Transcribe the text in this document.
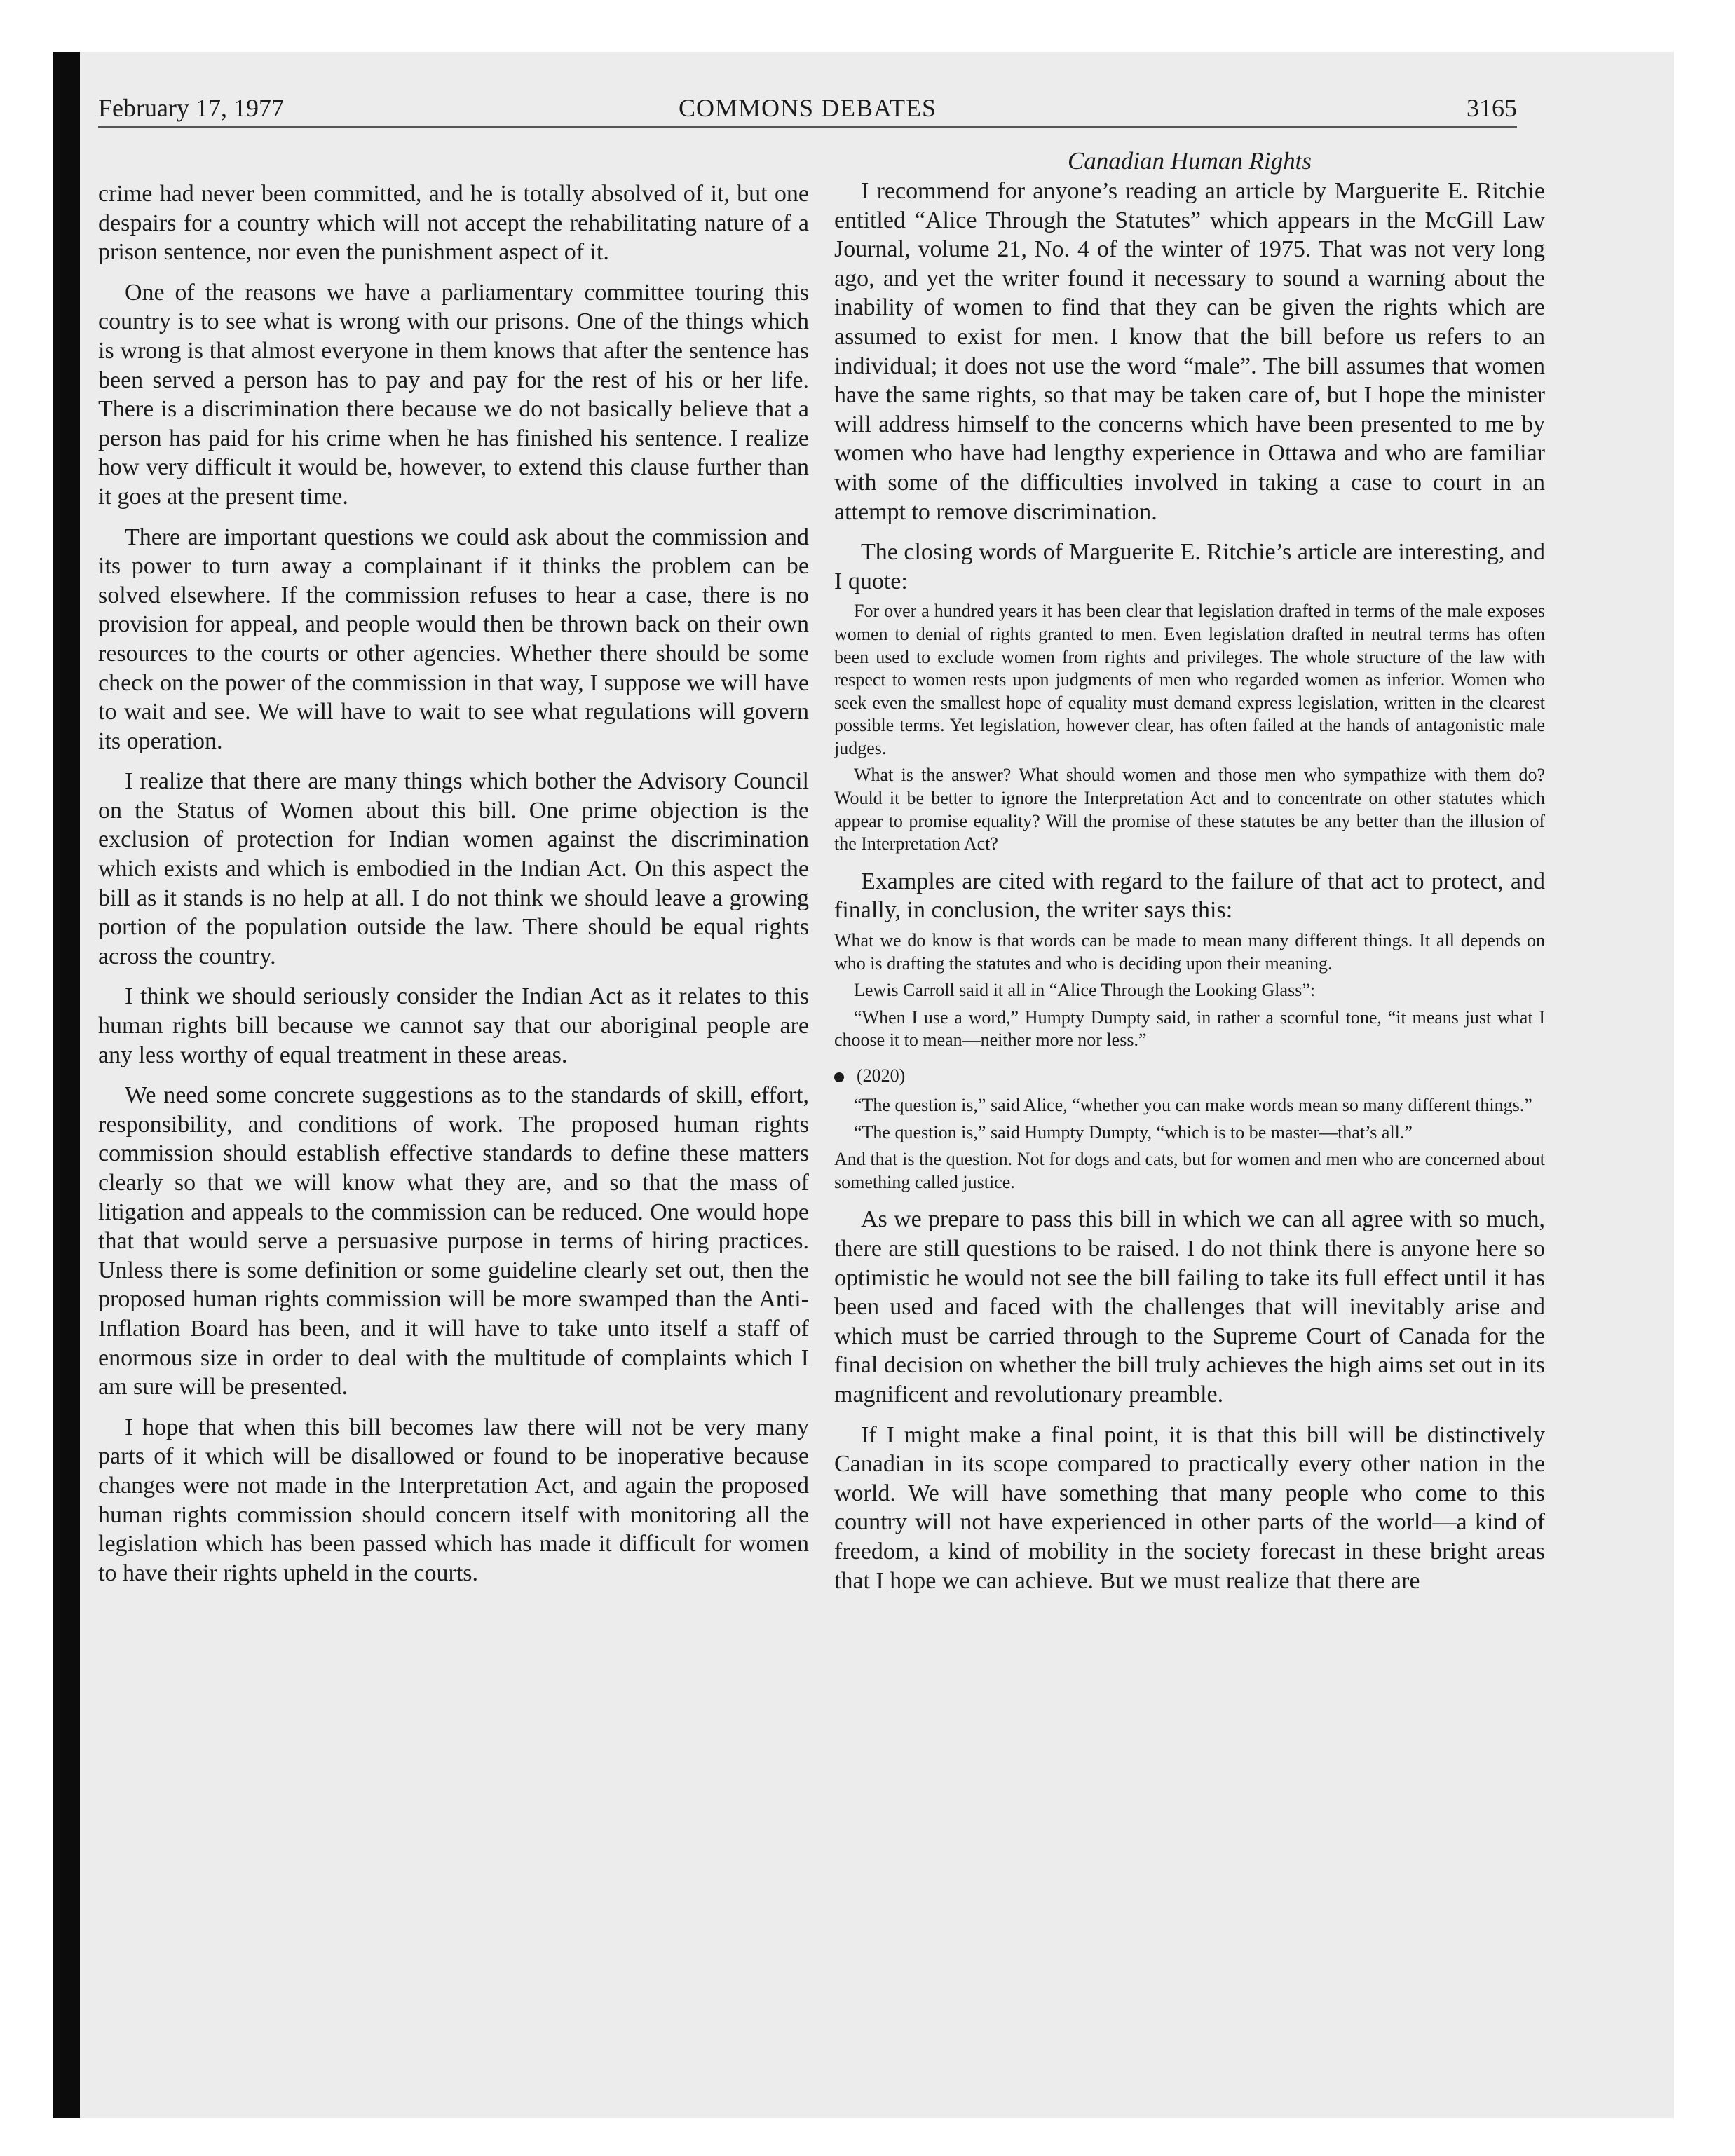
February 17, 1977	COMMONS DEBATES	3165

crime had never been committed, and he is totally absolved of it, but one despairs for a country which will not accept the rehabilitating nature of a prison sentence, nor even the punishment aspect of it.

One of the reasons we have a parliamentary committee touring this country is to see what is wrong with our prisons. One of the things which is wrong is that almost everyone in them knows that after the sentence has been served a person has to pay and pay for the rest of his or her life. There is a discrimination there because we do not basically believe that a person has paid for his crime when he has finished his sentence. I realize how very difficult it would be, however, to extend this clause further than it goes at the present time.

There are important questions we could ask about the commission and its power to turn away a complainant if it thinks the problem can be solved elsewhere. If the commission refuses to hear a case, there is no provision for appeal, and people would then be thrown back on their own resources to the courts or other agencies. Whether there should be some check on the power of the commission in that way, I suppose we will have to wait and see. We will have to wait to see what regulations will govern its operation.

I realize that there are many things which bother the Advisory Council on the Status of Women about this bill. One prime objection is the exclusion of protection for Indian women against the discrimination which exists and which is embodied in the Indian Act. On this aspect the bill as it stands is no help at all. I do not think we should leave a growing portion of the population outside the law. There should be equal rights across the country.

I think we should seriously consider the Indian Act as it relates to this human rights bill because we cannot say that our aboriginal people are any less worthy of equal treatment in these areas.

We need some concrete suggestions as to the standards of skill, effort, responsibility, and conditions of work. The proposed human rights commission should establish effective standards to define these matters clearly so that we will know what they are, and so that the mass of litigation and appeals to the commission can be reduced. One would hope that that would serve a persuasive purpose in terms of hiring practices. Unless there is some definition or some guideline clearly set out, then the proposed human rights commission will be more swamped than the Anti-Inflation Board has been, and it will have to take unto itself a staff of enormous size in order to deal with the multitude of complaints which I am sure will be presented.

I hope that when this bill becomes law there will not be very many parts of it which will be disallowed or found to be inoperative because changes were not made in the Interpretation Act, and again the proposed human rights commission should concern itself with monitoring all the legislation which has been passed which has made it difficult for women to have their rights upheld in the courts.

Canadian Human Rights

I recommend for anyone’s reading an article by Marguerite E. Ritchie entitled “Alice Through the Statutes” which appears in the McGill Law Journal, volume 21, No. 4 of the winter of 1975. That was not very long ago, and yet the writer found it necessary to sound a warning about the inability of women to find that they can be given the rights which are assumed to exist for men. I know that the bill before us refers to an individual; it does not use the word “male”. The bill assumes that women have the same rights, so that may be taken care of, but I hope the minister will address himself to the concerns which have been presented to me by women who have had lengthy experience in Ottawa and who are familiar with some of the difficulties involved in taking a case to court in an attempt to remove discrimination.

The closing words of Marguerite E. Ritchie’s article are interesting, and I quote:

For over a hundred years it has been clear that legislation drafted in terms of the male exposes women to denial of rights granted to men. Even legislation drafted in neutral terms has often been used to exclude women from rights and privileges. The whole structure of the law with respect to women rests upon judgments of men who regarded women as inferior. Women who seek even the smallest hope of equality must demand express legislation, written in the clearest possible terms. Yet legislation, however clear, has often failed at the hands of antagonistic male judges.

What is the answer? What should women and those men who sympathize with them do? Would it be better to ignore the Interpretation Act and to concentrate on other statutes which appear to promise equality? Will the promise of these statutes be any better than the illusion of the Interpretation Act?

Examples are cited with regard to the failure of that act to protect, and finally, in conclusion, the writer says this:

What we do know is that words can be made to mean many different things. It all depends on who is drafting the statutes and who is deciding upon their meaning.

Lewis Carroll said it all in “Alice Through the Looking Glass”:

“When I use a word,” Humpty Dumpty said, in rather a scornful tone, “it means just what I choose it to mean—neither more nor less.”

(2020)

“The question is,” said Alice, “whether you can make words mean so many different things.”

“The question is,” said Humpty Dumpty, “which is to be master—that’s all.”

And that is the question. Not for dogs and cats, but for women and men who are concerned about something called justice.

As we prepare to pass this bill in which we can all agree with so much, there are still questions to be raised. I do not think there is anyone here so optimistic he would not see the bill failing to take its full effect until it has been used and faced with the challenges that will inevitably arise and which must be carried through to the Supreme Court of Canada for the final decision on whether the bill truly achieves the high aims set out in its magnificent and revolutionary preamble.

If I might make a final point, it is that this bill will be distinctively Canadian in its scope compared to practically every other nation in the world. We will have something that many people who come to this country will not have experienced in other parts of the world—a kind of freedom, a kind of mobility in the society forecast in these bright areas that I hope we can achieve. But we must realize that there are
